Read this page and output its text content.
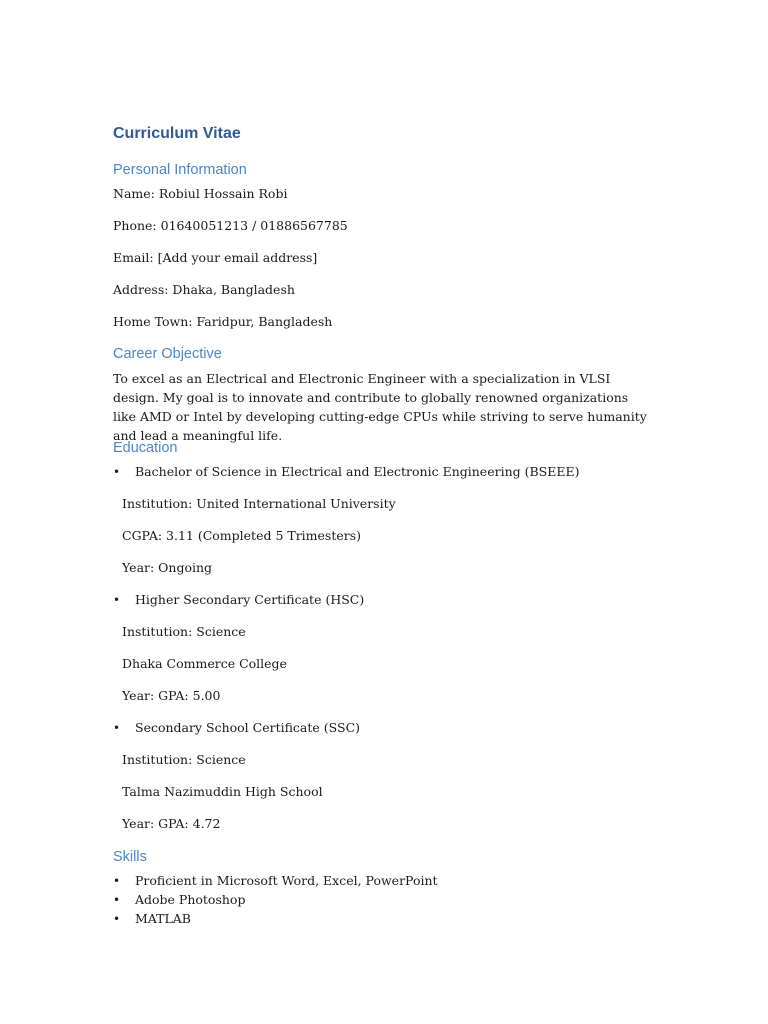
Curriculum Vitae
Personal Information

Name: Robiul Hossain Robi

Phone: 01640051213 / 01886567785

Email: [Add your email address]

Address: Dhaka, Bangladesh

Home Town: Faridpur, Bangladesh

Career Objective

To excel as an Electrical and Electronic Engineer with a specialization in VLSI design. My goal is to innovate and contribute to globally renowned organizations like AMD or Intel by developing cutting-edge CPUs while striving to serve humanity and lead a meaningful life.

Education

• Bachelor of Science in Electrical and Electronic Engineering (BSEEE)

Institution: United International University

CGPA: 3.11 (Completed 5 Trimesters)

Year: Ongoing

• Higher Secondary Certificate (HSC)

Institution: Science

Dhaka Commerce College

Year: GPA: 5.00

• Secondary School Certificate (SSC)

Institution: Science

Talma Nazimuddin High School

Year: GPA: 4.72

Skills

• Proficient in Microsoft Word, Excel, PowerPoint

• Adobe Photoshop

• MATLAB
